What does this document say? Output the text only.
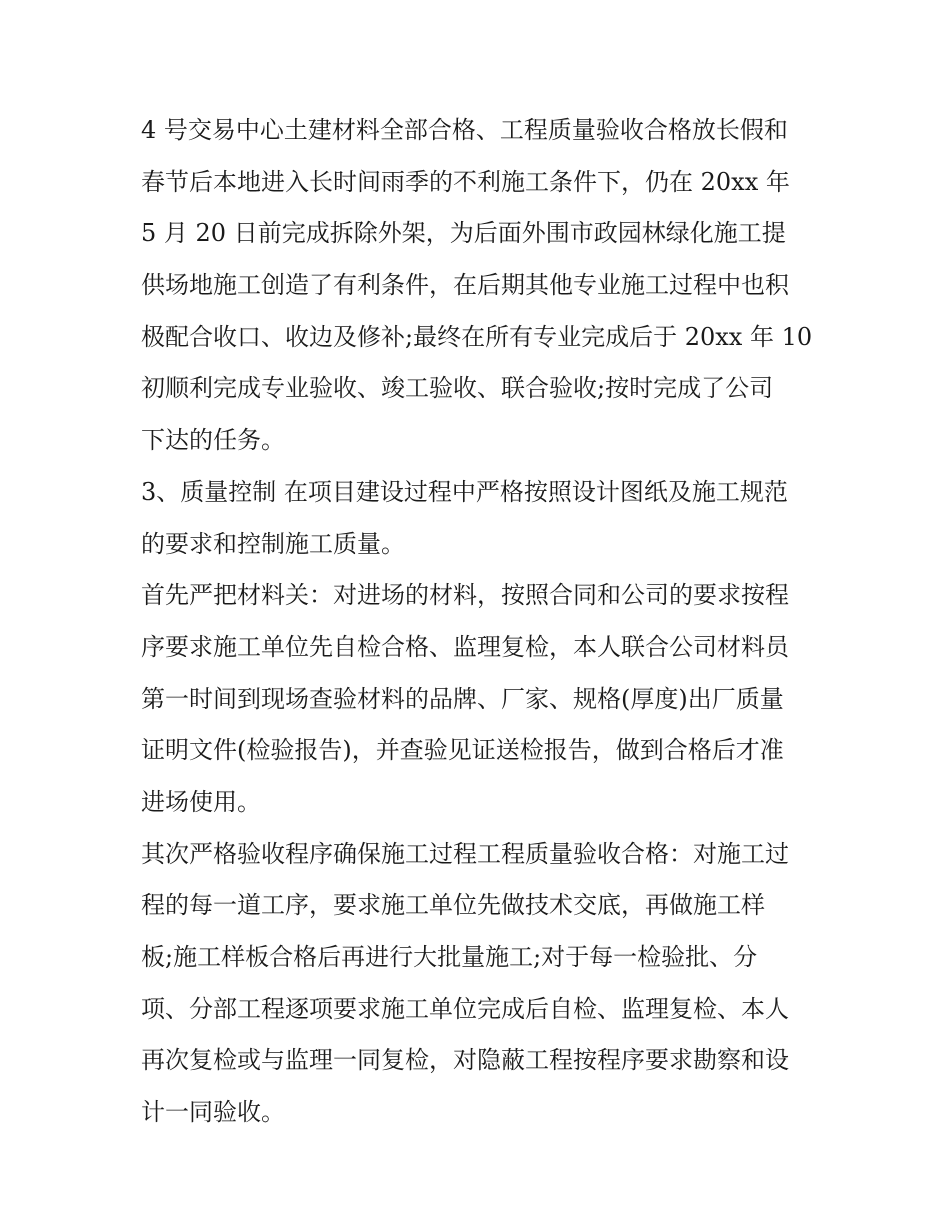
4 号交易中心土建材料全部合格、工程质量验收合格放长假和
春节后本地进入长时间雨季的不利施工条件下，仍在 20xx 年
5 月 20 日前完成拆除外架，为后面外围市政园林绿化施工提
供场地施工创造了有利条件，在后期其他专业施工过程中也积
极配合收口、收边及修补;最终在所有专业完成后于 20xx 年 10
初顺利完成专业验收、竣工验收、联合验收;按时完成了公司
下达的任务。
3、质量控制 在项目建设过程中严格按照设计图纸及施工规范
的要求和控制施工质量。
首先严把材料关：对进场的材料，按照合同和公司的要求按程
序要求施工单位先自检合格、监理复检，本人联合公司材料员
第一时间到现场查验材料的品牌、厂家、规格(厚度)出厂质量
证明文件(检验报告)，并查验见证送检报告，做到合格后才准
进场使用。
其次严格验收程序确保施工过程工程质量验收合格：对施工过
程的每一道工序，要求施工单位先做技术交底，再做施工样
板;施工样板合格后再进行大批量施工;对于每一检验批、分
项、分部工程逐项要求施工单位完成后自检、监理复检、本人
再次复检或与监理一同复检，对隐蔽工程按程序要求勘察和设
计一同验收。
